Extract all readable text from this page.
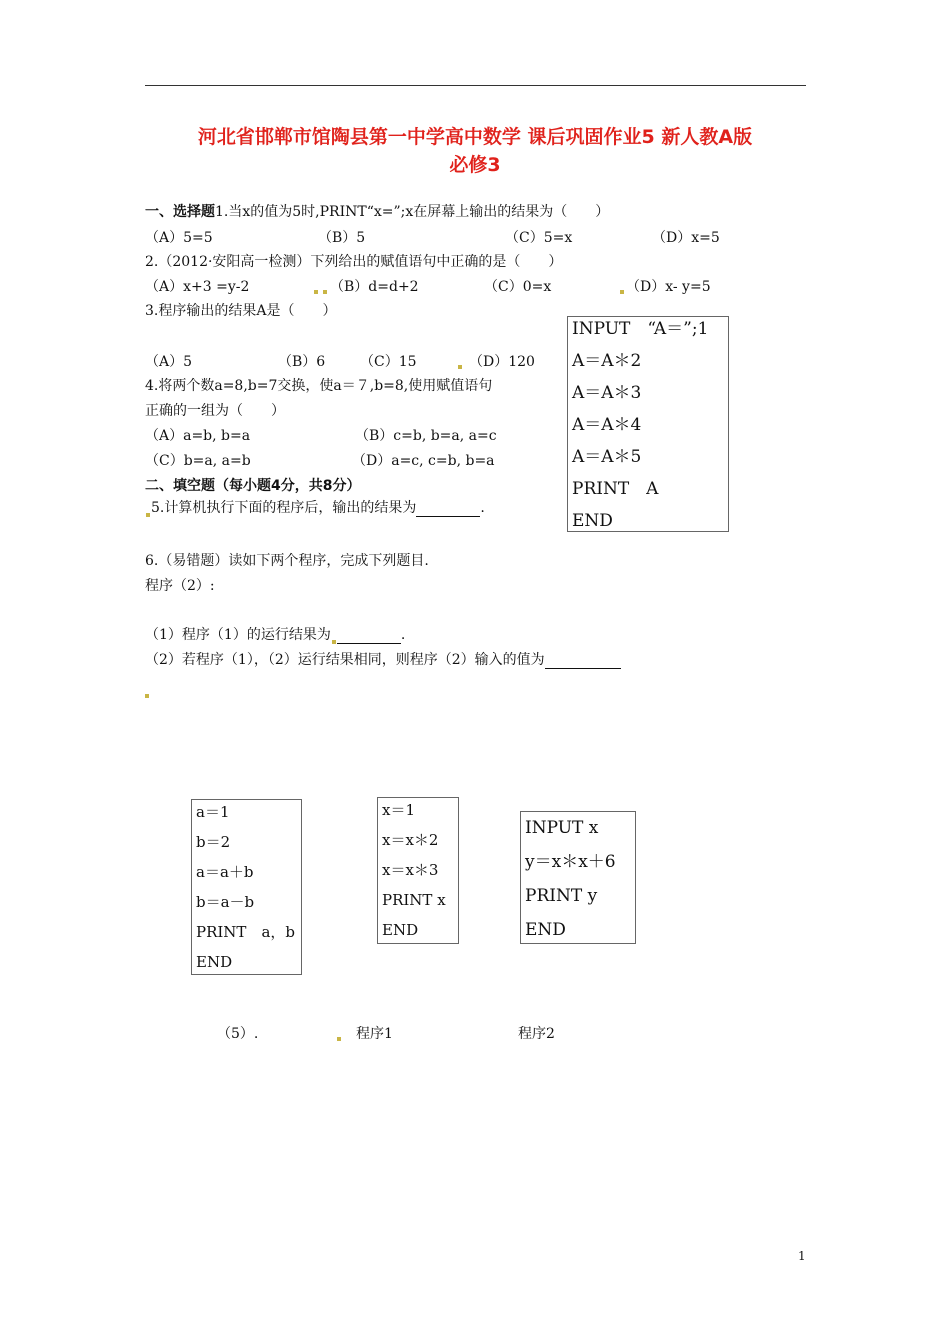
河北省邯郸市馆陶县第一中学高中数学 课后巩固作业5 新人教A版
必修3
一、选择题1.当x的值为5时,PRINT“x=”;x在屏幕上输出的结果为（　　）
（A）5=5	（B）5	（C）5=x	（D）x=5
2.（2012·安阳高一检测）下列给出的赋值语句中正确的是（　　）
（A）x+3 =y-2	（B）d=d+2	（C）0=x	（D）x- y=5
3.程序输出的结果A是（　　）
（A）5	（B）6 （C）15	（D）120
4.将两个数a=8,b=7交换，使a＝７,b=8,使用赋值语句
正确的一组为（　　）
（A）a=b, b=a	（B）c=b, b=a, a=c
（C）b=a, a=b	（D）a=c, c=b, b=a
INPUT　“A＝”;1
A＝A＊2
A＝A＊3
A＝A＊4
A＝A＊5
PRINT　A
END
二、填空题（每小题4分，共8分）
5.计算机执行下面的程序后，输出的结果为	.
6.（易错题）读如下两个程序，完成下列题目.
程序（2）:
（1）程序（1）的运行结果为	.
（2）若程序（1），（2）运行结果相同，则程序（2）输入的值为
a＝1
b＝2
a＝a＋b
b＝a－b
PRINT　a，b
END
x＝1
x＝x＊2
x＝x＊3
PRINT x
END
INPUT x
y＝x＊x＋6
PRINT y
END
（5）.	程序1	程序2
1
